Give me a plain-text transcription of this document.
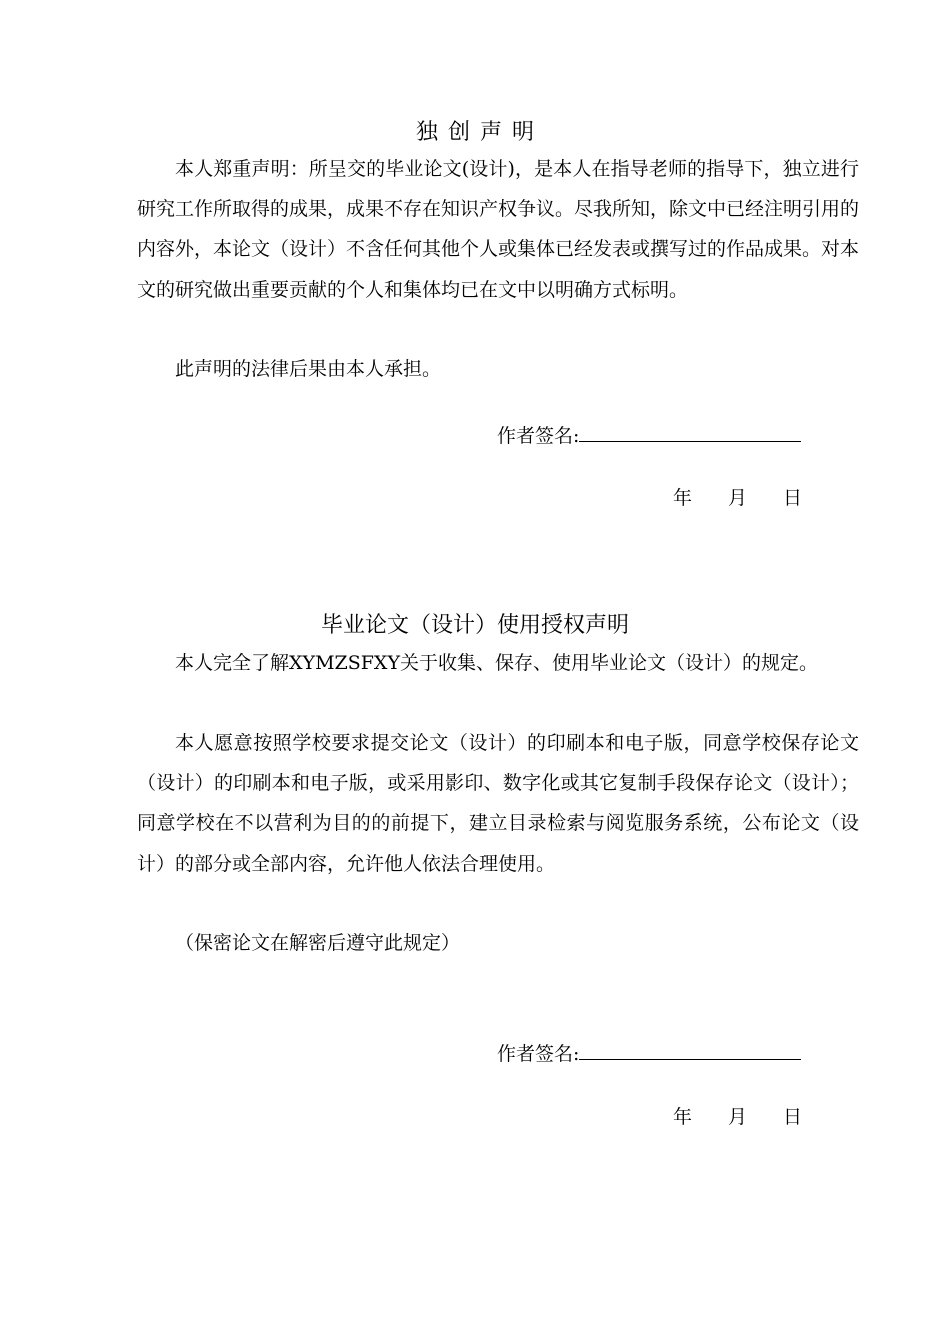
独创声明

本人郑重声明：所呈交的毕业论文(设计)，是本人在指导老师的指导下，独立进行研究工作所取得的成果，成果不存在知识产权争议。尽我所知，除文中已经注明引用的内容外，本论文（设计）不含任何其他个人或集体已经发表或撰写过的作品成果。对本文的研究做出重要贡献的个人和集体均已在文中以明确方式标明。

此声明的法律后果由本人承担。

作者签名:
年 月 日
毕业论文（设计）使用授权声明

本人完全了解XYMZSFXY关于收集、保存、使用毕业论文（设计）的规定。

本人愿意按照学校要求提交论文（设计）的印刷本和电子版，同意学校保存论文（设计）的印刷本和电子版，或采用影印、数字化或其它复制手段保存论文（设计）；同意学校在不以营利为目的的前提下，建立目录检索与阅览服务系统，公布论文（设计）的部分或全部内容，允许他人依法合理使用。

（保密论文在解密后遵守此规定）

作者签名:
年 月 日
